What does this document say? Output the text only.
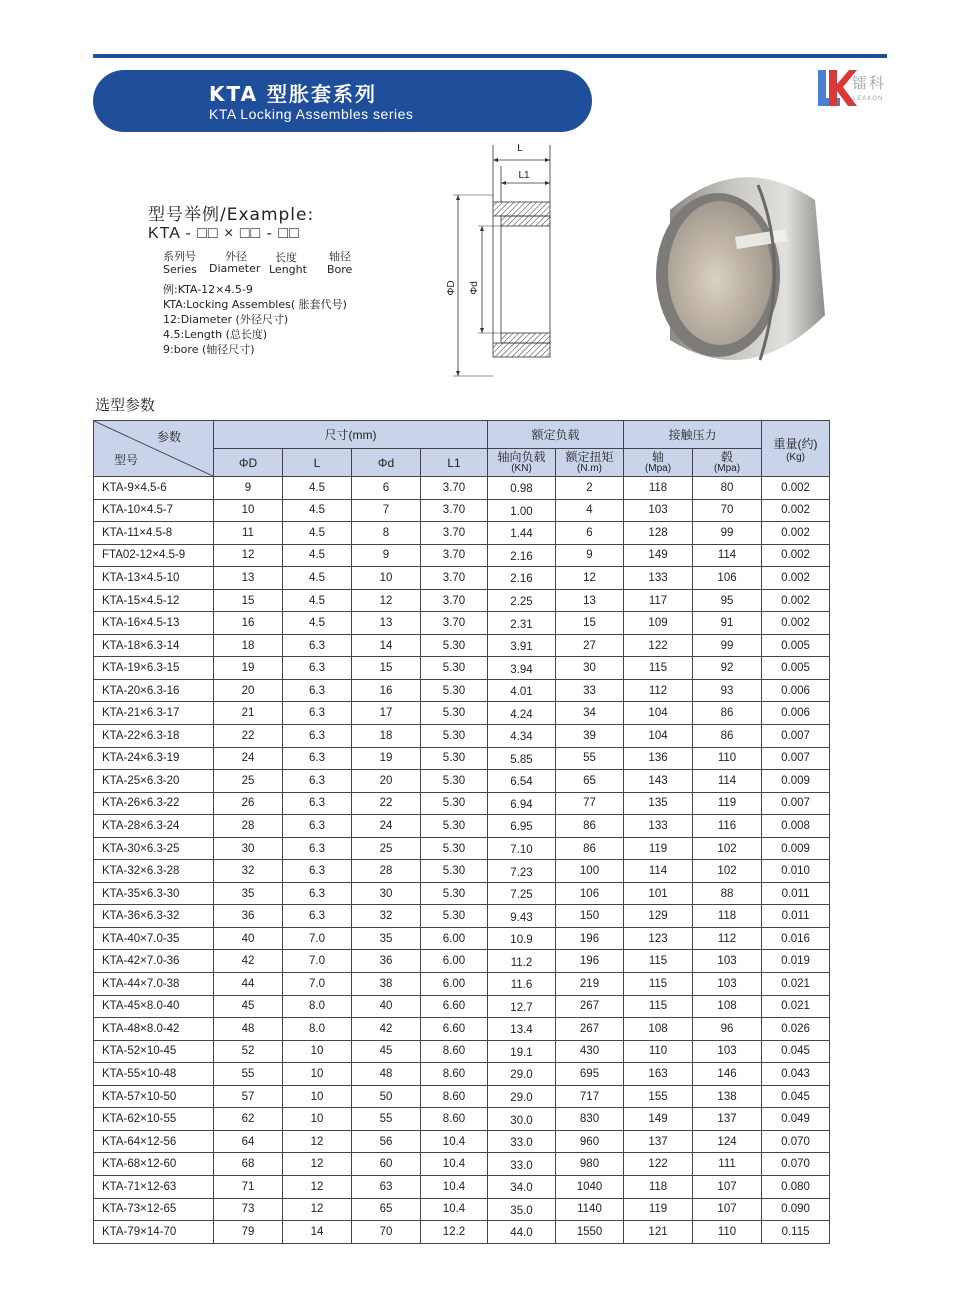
KTA 型胀套系列
KTA Locking Assembles series
镭科
LEAKON
型号举例/Example:
KTA - □□ × □□ - □□
系列号
Series
外径
Diameter
长度
Lenght
轴径
Bore
例:KTA-12×4.5-9
KTA:Locking Assembles( 胀套代号)
12:Diameter (外径尺寸)
4.5:Length (总长度)
9:bore (轴径尺寸)
L
L1
ΦD Φd
选型参数
参数
型号	尺寸(mm)				额定负载		接触压力		重量(约)
(Kg)

	ΦD	L	Φd	L1	轴向负载
(KN)	额定扭矩
(N.m)	轴
(Mpa)	毂
(Mpa)	

KTA-9×4.5-6	9	4.5	6	3.70	0.98	2	118	80	0.002
KTA-10×4.5-7	10	4.5	7	3.70	1.00	4	103	70	0.002
KTA-11×4.5-8	11	4.5	8	3.70	1.44	6	128	99	0.002
FTA02-12×4.5-9	12	4.5	9	3.70	2.16	9	149	114	0.002
KTA-13×4.5-10	13	4.5	10	3.70	2.16	12	133	106	0.002
KTA-15×4.5-12	15	4.5	12	3.70	2.25	13	117	95	0.002
KTA-16×4.5-13	16	4.5	13	3.70	2.31	15	109	91	0.002
KTA-18×6.3-14	18	6.3	14	5.30	3.91	27	122	99	0.005
KTA-19×6.3-15	19	6.3	15	5.30	3.94	30	115	92	0.005
KTA-20×6.3-16	20	6.3	16	5.30	4.01	33	112	93	0.006
KTA-21×6.3-17	21	6.3	17	5.30	4.24	34	104	86	0.006
KTA-22×6.3-18	22	6.3	18	5.30	4.34	39	104	86	0.007
KTA-24×6.3-19	24	6.3	19	5.30	5.85	55	136	110	0.007
KTA-25×6.3-20	25	6.3	20	5.30	6.54	65	143	114	0.009
KTA-26×6.3-22	26	6.3	22	5.30	6.94	77	135	119	0.007
KTA-28×6.3-24	28	6.3	24	5.30	6.95	86	133	116	0.008
KTA-30×6.3-25	30	6.3	25	5.30	7.10	86	119	102	0.009
KTA-32×6.3-28	32	6.3	28	5.30	7.23	100	114	102	0.010
KTA-35×6.3-30	35	6.3	30	5.30	7.25	106	101	88	0.011
KTA-36×6.3-32	36	6.3	32	5.30	9.43	150	129	118	0.011
KTA-40×7.0-35	40	7.0	35	6.00	10.9	196	123	112	0.016
KTA-42×7.0-36	42	7.0	36	6.00	11.2	196	115	103	0.019
KTA-44×7.0-38	44	7.0	38	6.00	11.6	219	115	103	0.021
KTA-45×8.0-40	45	8.0	40	6.60	12.7	267	115	108	0.021
KTA-48×8.0-42	48	8.0	42	6.60	13.4	267	108	96	0.026
KTA-52×10-45	52	10	45	8.60	19.1	430	110	103	0.045
KTA-55×10-48	55	10	48	8.60	29.0	695	163	146	0.043
KTA-57×10-50	57	10	50	8.60	29.0	717	155	138	0.045
KTA-62×10-55	62	10	55	8.60	30.0	830	149	137	0.049
KTA-64×12-56	64	12	56	10.4	33.0	960	137	124	0.070
KTA-68×12-60	68	12	60	10.4	33.0	980	122	111	0.070
KTA-71×12-63	71	12	63	10.4	34.0	1040	118	107	0.080
KTA-73×12-65	73	12	65	10.4	35.0	1140	119	107	0.090
KTA-79×14-70	79	14	70	12.2	44.0	1550	121	110	0.115
